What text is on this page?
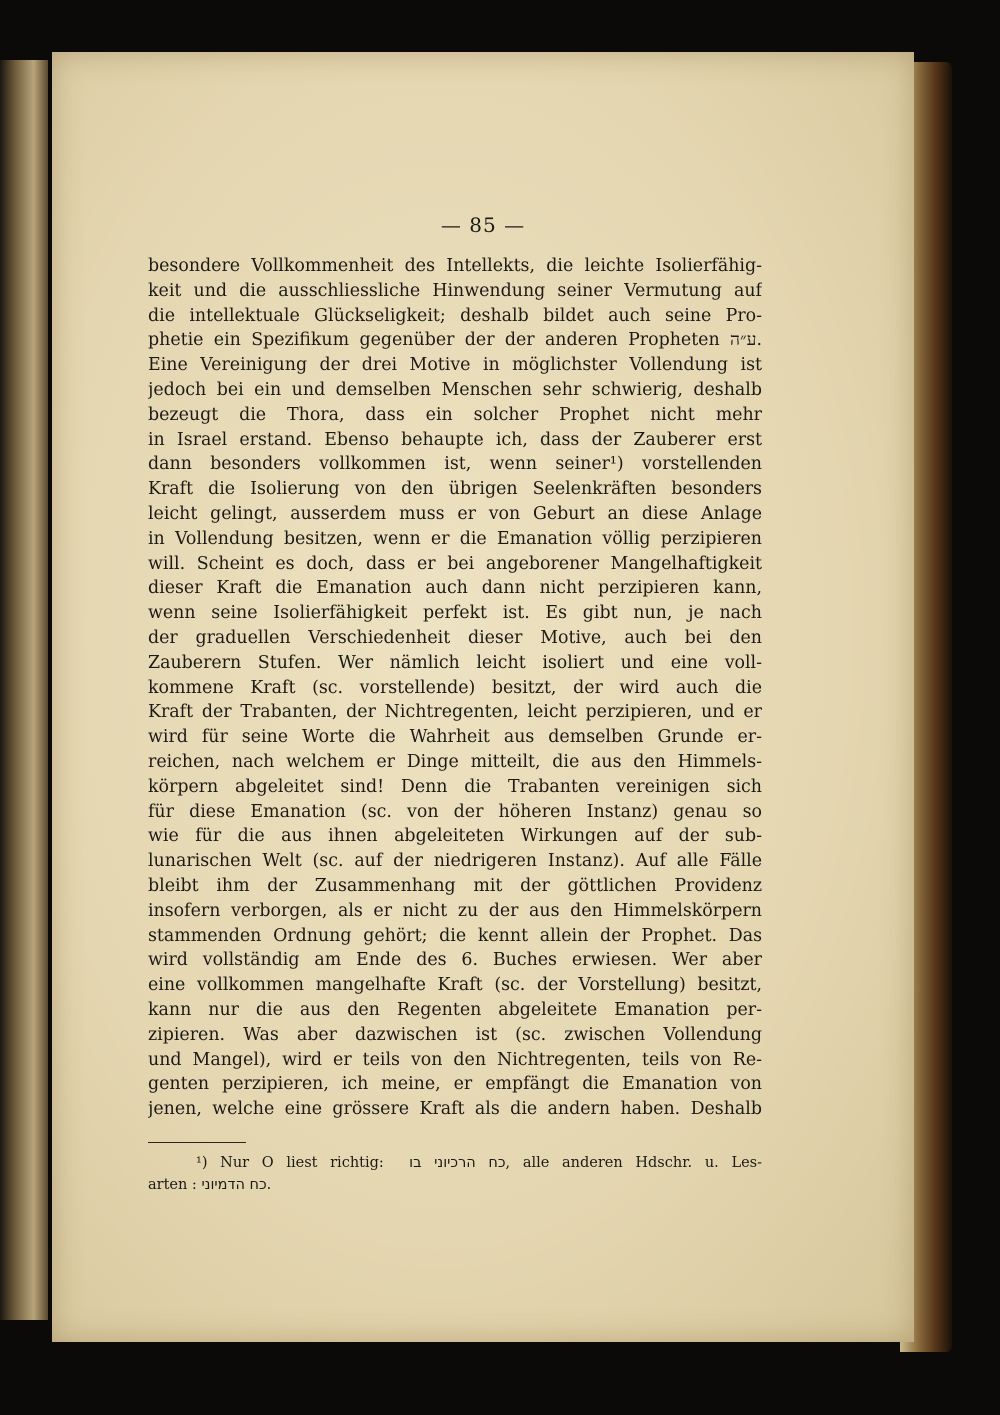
— 85 —
besondere Vollkommenheit des Intellekts, die leichte Isolierfähig-
keit und die ausschliessliche Hinwendung seiner Vermutung auf
die intellektuale Glückseligkeit; deshalb bildet auch seine Pro-
phetie ein Spezifikum gegenüber der der anderen Propheten ע״ה.
Eine Vereinigung der drei Motive in möglichster Vollendung ist
jedoch bei ein und demselben Menschen sehr schwierig, deshalb
bezeugt die Thora, dass ein solcher Prophet nicht mehr
in Israel erstand. Ebenso behaupte ich, dass der Zauberer erst
dann besonders vollkommen ist, wenn seiner¹) vorstellenden
Kraft die Isolierung von den übrigen Seelenkräften besonders
leicht gelingt, ausserdem muss er von Geburt an diese Anlage
in Vollendung besitzen, wenn er die Emanation völlig perzipieren
will. Scheint es doch, dass er bei angeborener Mangelhaftigkeit
dieser Kraft die Emanation auch dann nicht perzipieren kann,
wenn seine Isolierfähigkeit perfekt ist. Es gibt nun, je nach
der graduellen Verschiedenheit dieser Motive, auch bei den
Zauberern Stufen. Wer nämlich leicht isoliert und eine voll-
kommene Kraft (sc. vorstellende) besitzt, der wird auch die
Kraft der Trabanten, der Nichtregenten, leicht perzipieren, und er
wird für seine Worte die Wahrheit aus demselben Grunde er-
reichen, nach welchem er Dinge mitteilt, die aus den Himmels-
körpern abgeleitet sind! Denn die Trabanten vereinigen sich
für diese Emanation (sc. von der höheren Instanz) genau so
wie für die aus ihnen abgeleiteten Wirkungen auf der sub-
lunarischen Welt (sc. auf der niedrigeren Instanz). Auf alle Fälle
bleibt ihm der Zusammenhang mit der göttlichen Providenz
insofern verborgen, als er nicht zu der aus den Himmelskörpern
stammenden Ordnung gehört; die kennt allein der Prophet. Das
wird vollständig am Ende des 6. Buches erwiesen. Wer aber
eine vollkommen mangelhafte Kraft (sc. der Vorstellung) besitzt,
kann nur die aus den Regenten abgeleitete Emanation per-
zipieren. Was aber dazwischen ist (sc. zwischen Vollendung
und Mangel), wird er teils von den Nichtregenten, teils von Re-
genten perzipieren, ich meine, er empfängt die Emanation von
jenen, welche eine grössere Kraft als die andern haben. Deshalb
¹) Nur O liest richtig: כח הרכיוני בו, alle anderen Hdschr. u. Les-
arten : כח הדמיוני.
